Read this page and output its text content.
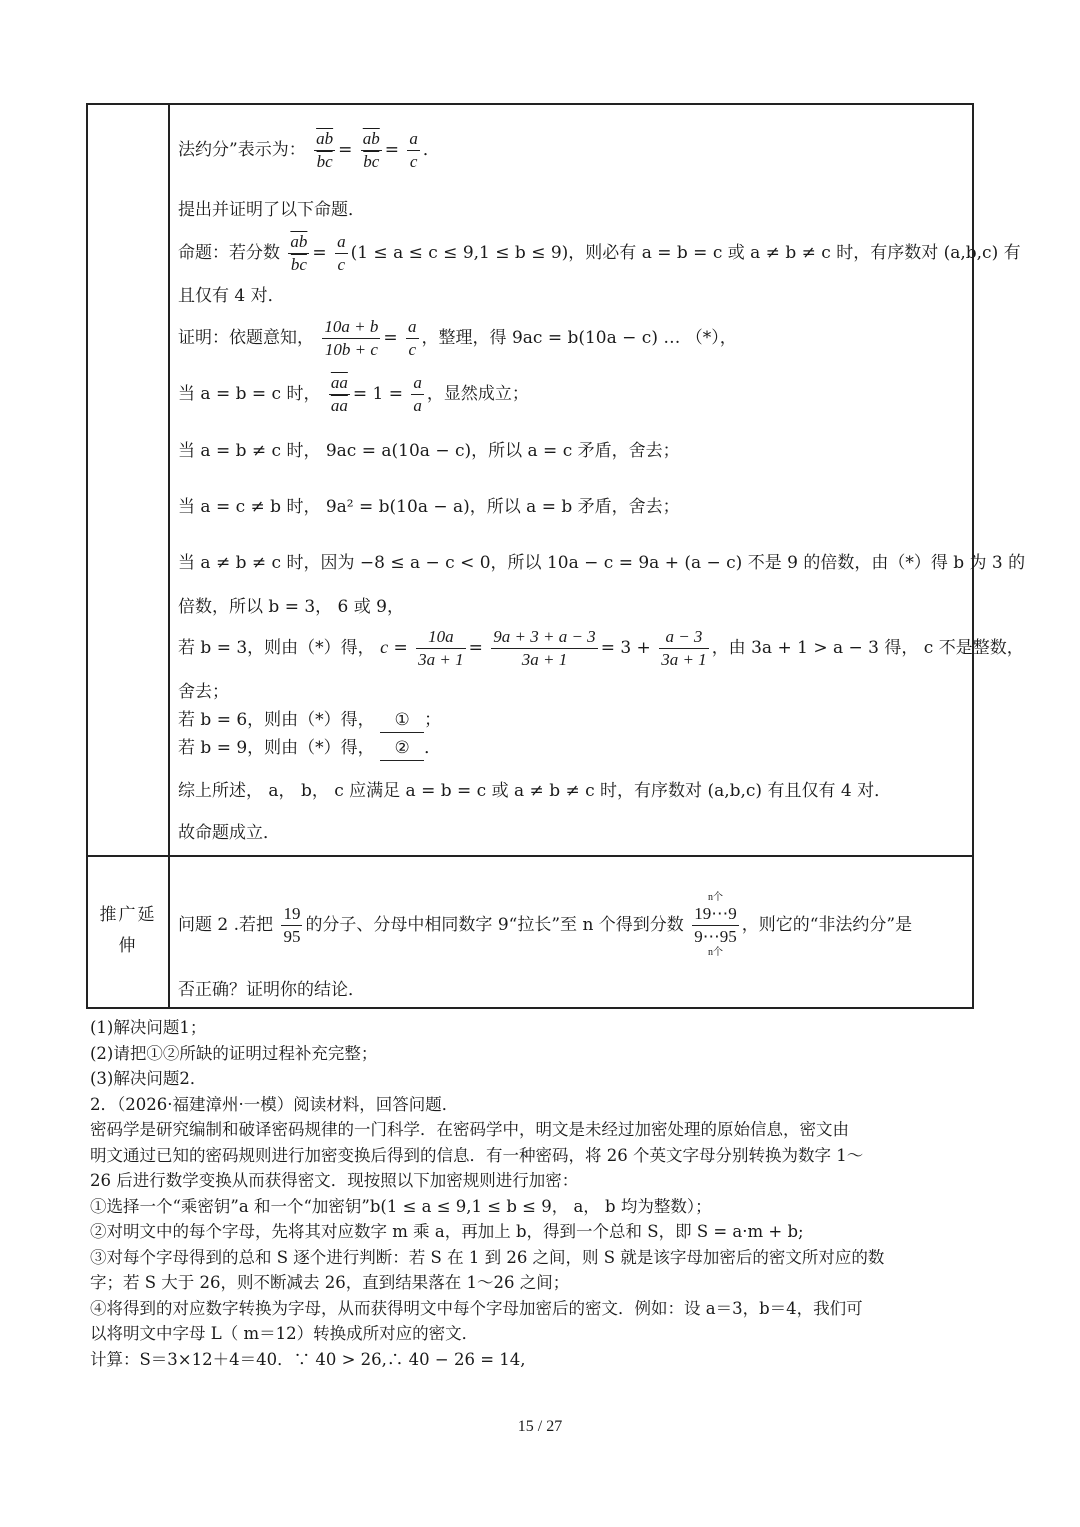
推广延
伸
法约分”表示为： $\frac{\overline{ab}}{bc} = \frac{\overline{ab}}{bc} = \frac{a}{c}$ ．
提出并证明了以下命题．
命题：若分数 $\frac{\overline{ab}}{bc} = \frac{a}{c} (1 \le a \le c \le 9,1 \le b \le 9)$，则必有 a = b = c 或 a ≠ b ≠ c 时，有序数对 (a,b,c) 有
且仅有 4 对．
证明：依题意知， $\frac{10a + b}{10b + c} = \frac{a}{c}$ ，整理，得 9ac = b(10a − c) … （*），
当 a = b = c 时， $\frac{\overline{aa}}{aa} = 1 = \frac{a}{a}$ ，显然成立；
当 a = b ≠ c 时， 9ac = a(10a − c)，所以 a = c 矛盾，舍去；
当 a = c ≠ b 时， 9a² = b(10a − a)，所以 a = b 矛盾，舍去；
当 a ≠ b ≠ c 时，因为 −8 ≤ a − c < 0，所以 10a − c = 9a + (a − c) 不是 9 的倍数，由（*）得 b 为 3 的
倍数，所以 b = 3， 6 或 9，
若 b = 3，则由（*）得， $c = \frac{10a}{3a + 1} = \frac{9a + 3 + a - 3}{3a + 1} = 3 + \frac{a - 3}{3a + 1}$ ，由 3a + 1 > a − 3 得， c 不是整数，
舍去；
若 b = 6，则由（*）得， ① ；
若 b = 9，则由（*）得， ② ．
综上所述， a， b， c 应满足 a = b = c 或 a ≠ b ≠ c 时，有序数对 (a,b,c) 有且仅有 4 对．
故命题成立．
问题 2 .若把 $\frac{19}{95}$ 的分子、分母中相同数字 9“拉长”至 n 个得到分数 n个
19⋯9
9⋯95
n个 ，则它的“非法约分”是
否正确？证明你的结论．
(1)解决问题1；
(2)请把①②所缺的证明过程补充完整；
(3)解决问题2．
2．（2026·福建漳州·一模）阅读材料，回答问题．
密码学是研究编制和破译密码规律的一门科学．在密码学中，明文是未经过加密处理的原始信息，密文由
明文通过已知的密码规则进行加密变换后得到的信息．有一种密码，将 26 个英文字母分别转换为数字 1～
26 后进行数学变换从而获得密文．现按照以下加密规则进行加密：
①选择一个“乘密钥”a 和一个“加密钥”b(1 ≤ a ≤ 9,1 ≤ b ≤ 9， a， b 均为整数）；
②对明文中的每个字母，先将其对应数字 m 乘 a，再加上 b，得到一个总和 S，即 S = a·m + b;
③对每个字母得到的总和 S 逐个进行判断：若 S 在 1 到 26 之间，则 S 就是该字母加密后的密文所对应的数
字；若 S 大于 26，则不断减去 26，直到结果落在 1～26 之间；
④将得到的对应数字转换为字母，从而获得明文中每个字母加密后的密文．例如：设 a＝3，b＝4，我们可
以将明文中字母 L（ m＝12）转换成所对应的密文．
计算：S＝3×12＋4＝40．∵ 40 > 26,∴ 40 − 26 = 14,
15 / 27
